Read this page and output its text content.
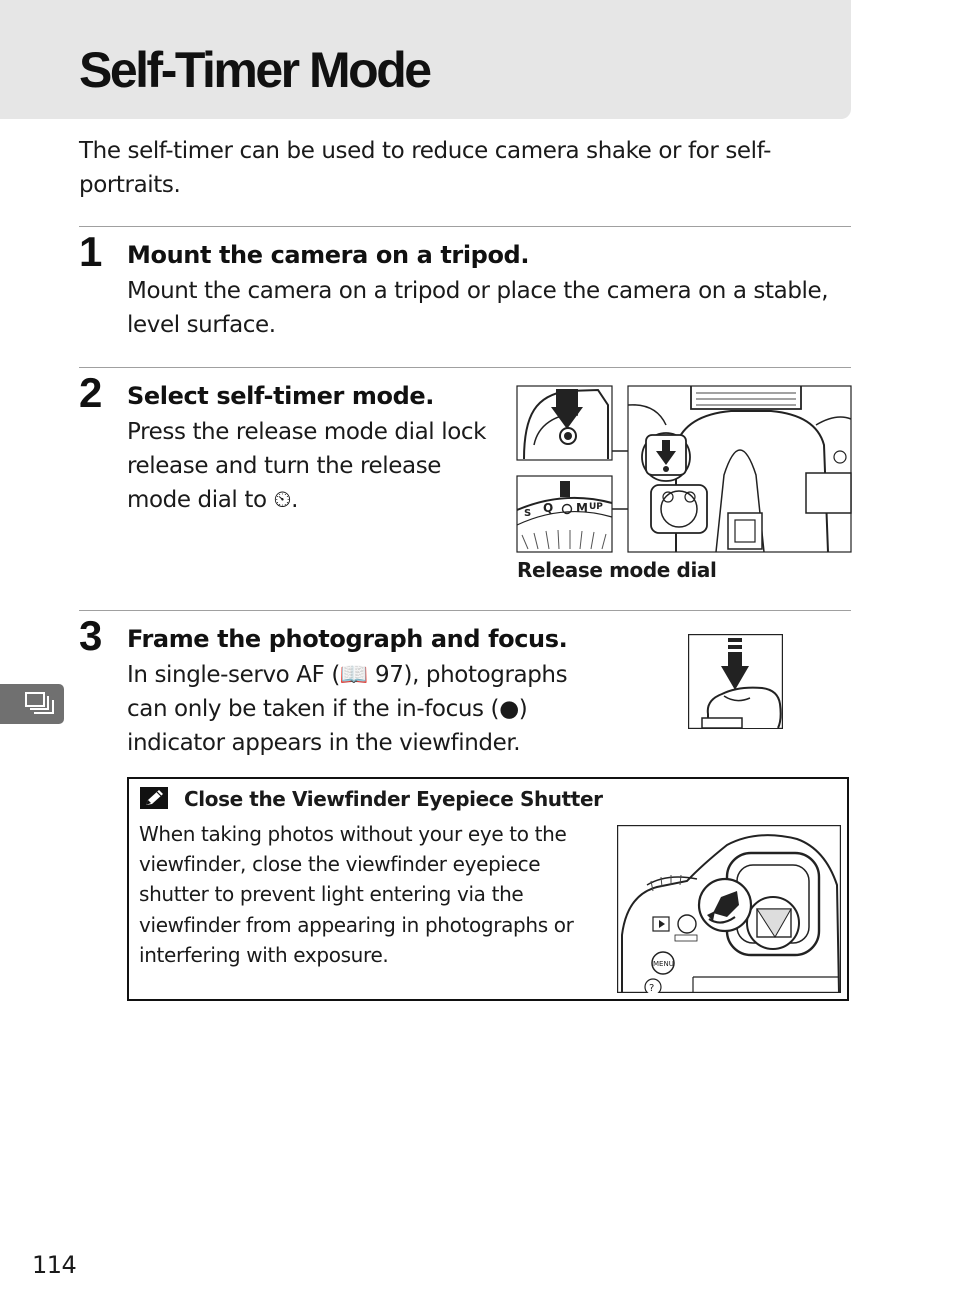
Self-Timer Mode

The self-timer can be used to reduce camera shake or for self-portraits.

1 Mount the camera on a tripod.

Mount the camera on a tripod or place the camera on a stable, level surface.

2 Select self-timer mode.

Press the release mode dial lock release and turn the release mode dial to ⏲.

S Q M UP
Release mode dial
3 Frame the photograph and focus.

In single-servo AF (📖 97), photographs can only be taken if the in-focus (●) indicator appears in the viewfinder.

Close the Viewfinder Eyepiece Shutter

When taking photos without your eye to the viewfinder, close the viewfinder eyepiece shutter to prevent light entering via the viewfinder from appearing in photographs or interfering with exposure.	MENU
?
114
